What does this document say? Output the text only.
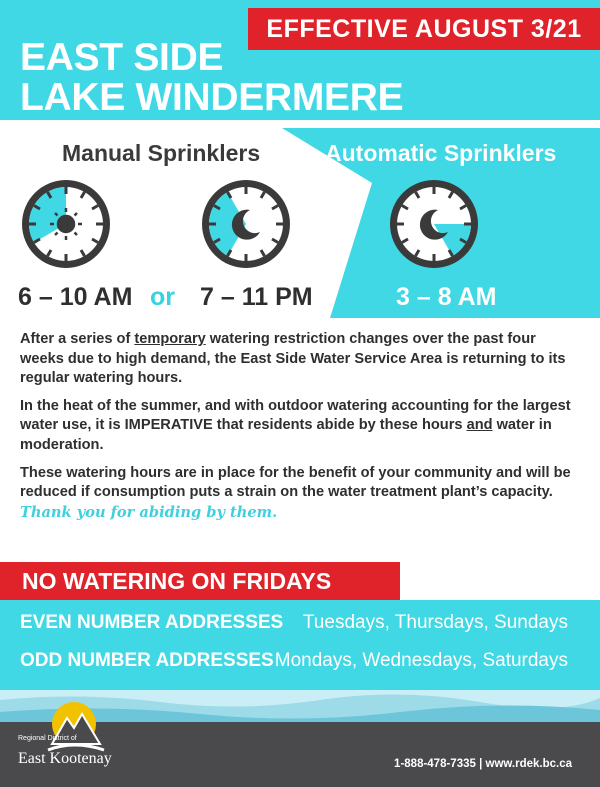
EFFECTIVE AUGUST 3/21
EAST SIDE
LAKE WINDERMERE
Manual Sprinklers	Automatic Sprinklers
6 – 10 AM or 7 – 11 PM	3 – 8 AM

After a series of temporary watering restriction changes over the past four weeks due to high demand, the East Side Water Service Area is returning to its regular watering hours.

In the heat of the summer, and with outdoor watering accounting for the largest water use, it is IMPERATIVE that residents abide by these hours and water in moderation.

These watering hours are in place for the benefit of your community and will be reduced if consumption puts a strain on the water treatment plant’s capacity. Thank you for abiding by them.

NO WATERING ON FRIDAYS
EVEN NUMBER ADDRESSES Tuesdays, Thursdays, Sundays
ODD NUMBER ADDRESSES Mondays, Wednesdays, Saturdays
Regional District of
East Kootenay	1-888-478-7335 | www.rdek.bc.ca
